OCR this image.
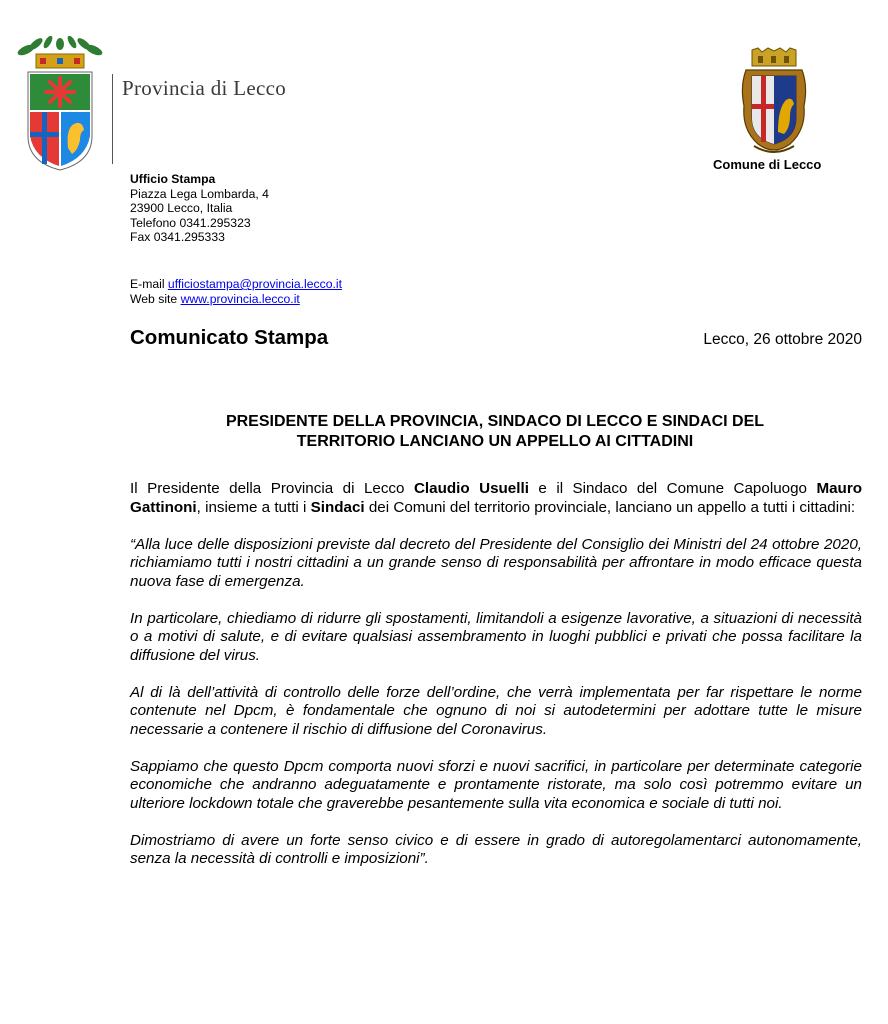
Provincia di Lecco
Comune di Lecco
Ufficio Stampa
Piazza Lega Lombarda, 4
23900 Lecco, Italia
Telefono 0341.295323
Fax 0341.295333
E-mail ufficiostampa@provincia.lecco.it
Web site www.provincia.lecco.it
Comunicato Stampa	Lecco, 26 ottobre 2020
PRESIDENTE DELLA PROVINCIA, SINDACO DI LECCO E SINDACI DEL
TERRITORIO LANCIANO UN APPELLO AI CITTADINI

Il Presidente della Provincia di Lecco Claudio Usuelli e il Sindaco del Comune Capoluogo Mauro Gattinoni, insieme a tutti i Sindaci dei Comuni del territorio provinciale, lanciano un appello a tutti i cittadini:

“Alla luce delle disposizioni previste dal decreto del Presidente del Consiglio dei Ministri del 24 ottobre 2020, richiamiamo tutti i nostri cittadini a un grande senso di responsabilità per affrontare in modo efficace questa nuova fase di emergenza.

In particolare, chiediamo di ridurre gli spostamenti, limitandoli a esigenze lavorative, a situazioni di necessità o a motivi di salute, e di evitare qualsiasi assembramento in luoghi pubblici e privati che possa facilitare la diffusione del virus.

Al di là dell’attività di controllo delle forze dell’ordine, che verrà implementata per far rispettare le norme contenute nel Dpcm, è fondamentale che ognuno di noi si autodetermini per adottare tutte le misure necessarie a contenere il rischio di diffusione del Coronavirus.

Sappiamo che questo Dpcm comporta nuovi sforzi e nuovi sacrifici, in particolare per determinate categorie economiche che andranno adeguatamente e prontamente ristorate, ma solo così potremmo evitare un ulteriore lockdown totale che graverebbe pesantemente sulla vita economica e sociale di tutti noi.

Dimostriamo di avere un forte senso civico e di essere in grado di autoregolamentarci autonomamente, senza la necessità di controlli e imposizioni”.
